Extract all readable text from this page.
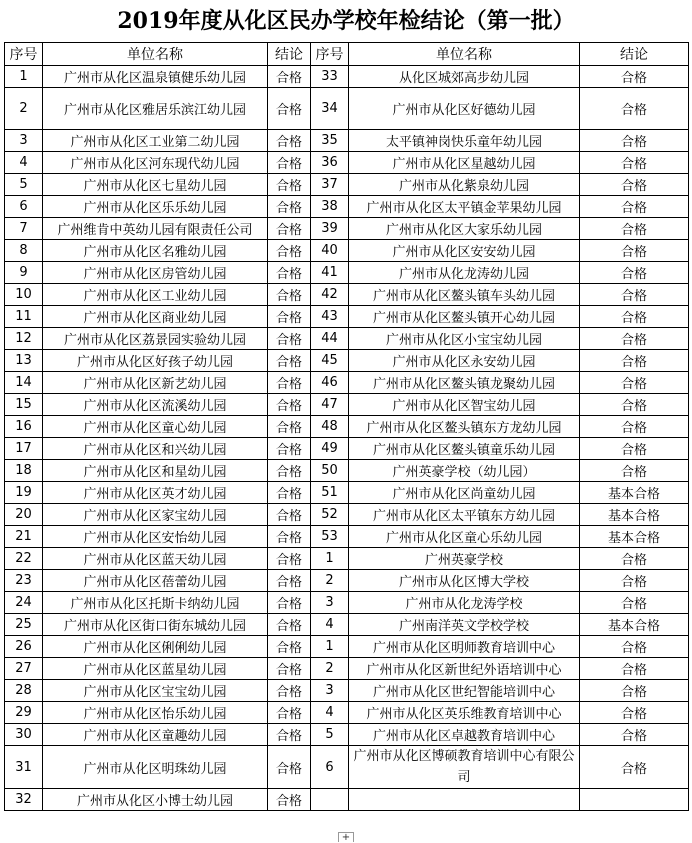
2019年度从化区民办学校年检结论（第一批）
序号	单位名称	结论	序号	单位名称	结论
1	广州市从化区温泉镇健乐幼儿园	合格	33	从化区城郊高步幼儿园	合格
2	广州市从化区雅居乐滨江幼儿园	合格	34	广州市从化区好德幼儿园	合格
3	广州市从化区工业第二幼儿园	合格	35	太平镇神岗快乐童年幼儿园	合格
4	广州市从化区河东现代幼儿园	合格	36	广州市从化区星越幼儿园	合格
5	广州市从化区七星幼儿园	合格	37	广州市从化紫泉幼儿园	合格
6	广州市从化区乐乐幼儿园	合格	38	广州市从化区太平镇金苹果幼儿园	合格
7	广州维肯中英幼儿园有限责任公司	合格	39	广州市从化区大家乐幼儿园	合格
8	广州市从化区名雅幼儿园	合格	40	广州市从化区安安幼儿园	合格
9	广州市从化区房管幼儿园	合格	41	广州市从化龙涛幼儿园	合格
10	广州市从化区工业幼儿园	合格	42	广州市从化区鳌头镇车头幼儿园	合格
11	广州市从化区商业幼儿园	合格	43	广州市从化区鳌头镇开心幼儿园	合格
12	广州市从化区荔景园实验幼儿园	合格	44	广州市从化区小宝宝幼儿园	合格
13	广州市从化区好孩子幼儿园	合格	45	广州市从化区永安幼儿园	合格
14	广州市从化区新艺幼儿园	合格	46	广州市从化区鳌头镇龙聚幼儿园	合格
15	广州市从化区流溪幼儿园	合格	47	广州市从化区智宝幼儿园	合格
16	广州市从化区童心幼儿园	合格	48	广州市从化区鳌头镇东方龙幼儿园	合格
17	广州市从化区和兴幼儿园	合格	49	广州市从化区鳌头镇童乐幼儿园	合格
18	广州市从化区和星幼儿园	合格	50	广州英豪学校（幼儿园）	合格
19	广州市从化区英才幼儿园	合格	51	广州市从化区尚童幼儿园	基本合格
20	广州市从化区家宝幼儿园	合格	52	广州市从化区太平镇东方幼儿园	基本合格
21	广州市从化区安怡幼儿园	合格	53	广州市从化区童心乐幼儿园	基本合格
22	广州市从化区蓝天幼儿园	合格	1	广州英豪学校	合格
23	广州市从化区蓓蕾幼儿园	合格	2	广州市从化区博大学校	合格
24	广州市从化区托斯卡纳幼儿园	合格	3	广州市从化龙涛学校	合格
25	广州市从化区街口街东城幼儿园	合格	4	广州南洋英文学校学校	基本合格
26	广州市从化区俐俐幼儿园	合格	1	广州市从化区明师教育培训中心	合格
27	广州市从化区蓝星幼儿园	合格	2	广州市从化区新世纪外语培训中心	合格
28	广州市从化区宝宝幼儿园	合格	3	广州市从化区世纪智能培训中心	合格
29	广州市从化区怡乐幼儿园	合格	4	广州市从化区英乐维教育培训中心	合格
30	广州市从化区童趣幼儿园	合格	5	广州市从化区卓越教育培训中心	合格
31	广州市从化区明珠幼儿园	合格	6	广州市从化区博硕教育培训中心有限公司	合格
32	广州市从化区小博士幼儿园	合格			
+
